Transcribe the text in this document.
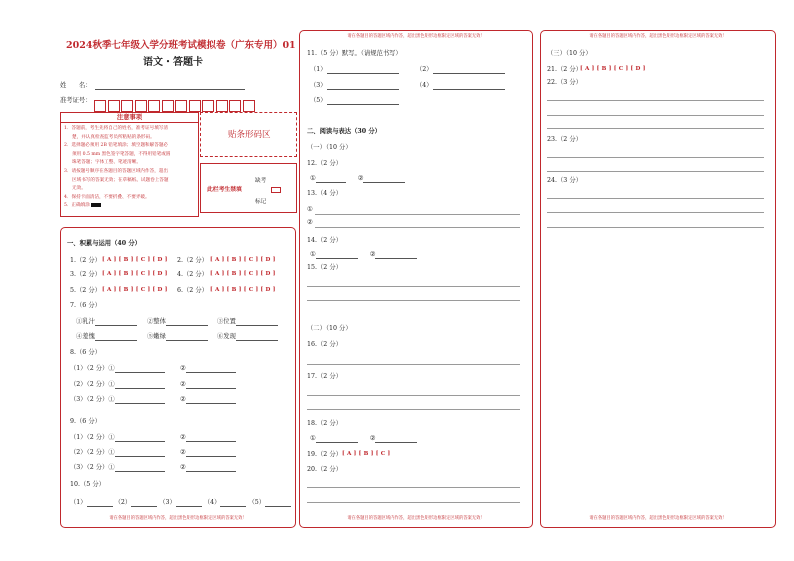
2024秋季七年级入学分班考试模拟卷（广东专用）01
语文・答题卡
姓　　名：
准考证号：
注意事项
1．答题前，考生先将自己的姓名，准考证号填写清
楚，并认真检查监考员所粘贴的条形码。
2．选择题必须用 2B 铅笔填涂；填空题和解答题必
须用 0.5 mm 黑色签字笔答题，不得用铅笔或圆
珠笔答题；字体工整、笔迹清晰。
3．请按题号顺序在各题目的答题区域内作答，超出
区域书写的答案无效；在草稿纸、试题卷上答题
无效。
4．保持卡面清洁，不要折叠、不要弄破。
5．正确填涂
贴条形码区
此栏考生禁填
缺考
标记
请在各题目的答题区域内作答，超出黑色矩形边框限定区域的答案无效！
一、积累与运用（40 分）
1.（2 分） [ A ] [ B ] [ C ] [ D ] 2.（2 分） [ A ] [ B ] [ C ] [ D ]
3.（2 分） [ A ] [ B ] [ C ] [ D ] 4.（2 分） [ A ] [ B ] [ C ] [ D ]
5.（2 分） [ A ] [ B ] [ C ] [ D ] 6.（2 分） [ A ] [ B ] [ C ] [ D ]
7.（6 分）
①乳汁	②整体	③位置
④羞愧	⑤嫩绿	⑥发现
8.（6 分）
（1）（2 分）①	②
（2）（2 分）①	②
（3）（2 分）①	②
9.（6 分）
（1）（2 分）①	②
（2）（2 分）①	②
（3）（2 分）①	②
10.（5 分）
（1）	（2）	（3）	（4）	（5）
请在各题目的答题区域内作答，超出黑色矩形边框限定区域的答案无效！
请在各题目的答题区域内作答，超出黑色矩形边框限定区域的答案无效！
11.（5 分）默写。（请规范书写）
（1）	（2）
（3）	（4）
（5）
二、阅读与表达（30 分）
（一）（10 分）
12.（2 分）
①	②
13.（4 分）
①
②
14.（2 分）
①	②
15.（2 分）
（二）（10 分）
16.（2 分）
17.（2 分）
18.（2 分）
①	②
19.（2 分） [ A ] [ B ] [ C ]
20.（2 分）
请在各题目的答题区域内作答，超出黑色矩形边框限定区域的答案无效！
请在各题目的答题区域内作答，超出黑色矩形边框限定区域的答案无效！
（三）（10 分）
21.（2 分）
[ A ] [ B ] [ C ] [ D ]
22.（3 分）
23.（2 分）
24.（3 分）
